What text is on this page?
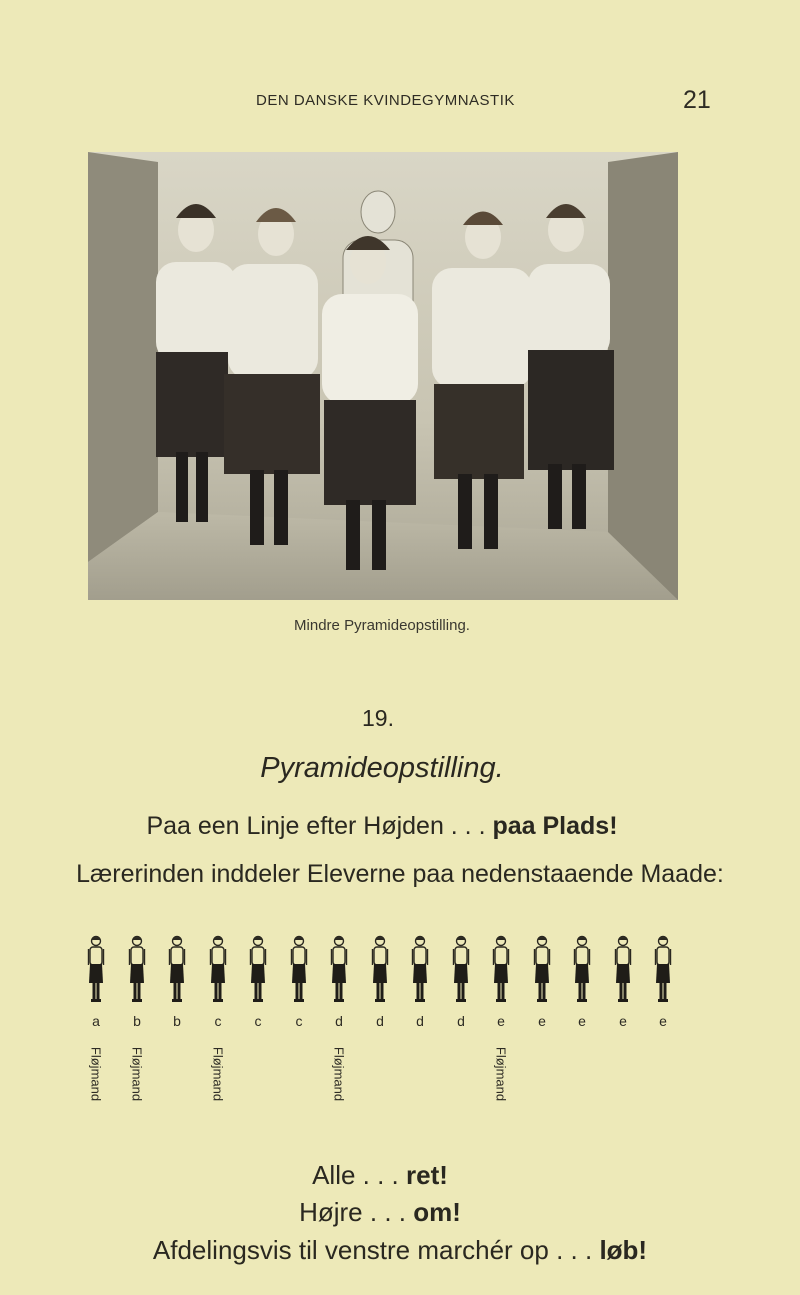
DEN DANSKE KVINDEGYMNASTIK	21
Mindre Pyramideopstilling.
19.
Pyramideopstilling.
Paa een Linje efter Højden . . . paa Plads!
Lærerinden inddeler Eleverne paa nedenstaaende Maade:
a
Fløjmand
b
Fløjmand
b	c
Fløjmand
c	c	d
Fløjmand
d	d	d	e
Fløjmand
e	e	e	e
Alle . . . ret!
Højre . . . om!
Afdelingsvis til venstre marchér op . . . løb!
